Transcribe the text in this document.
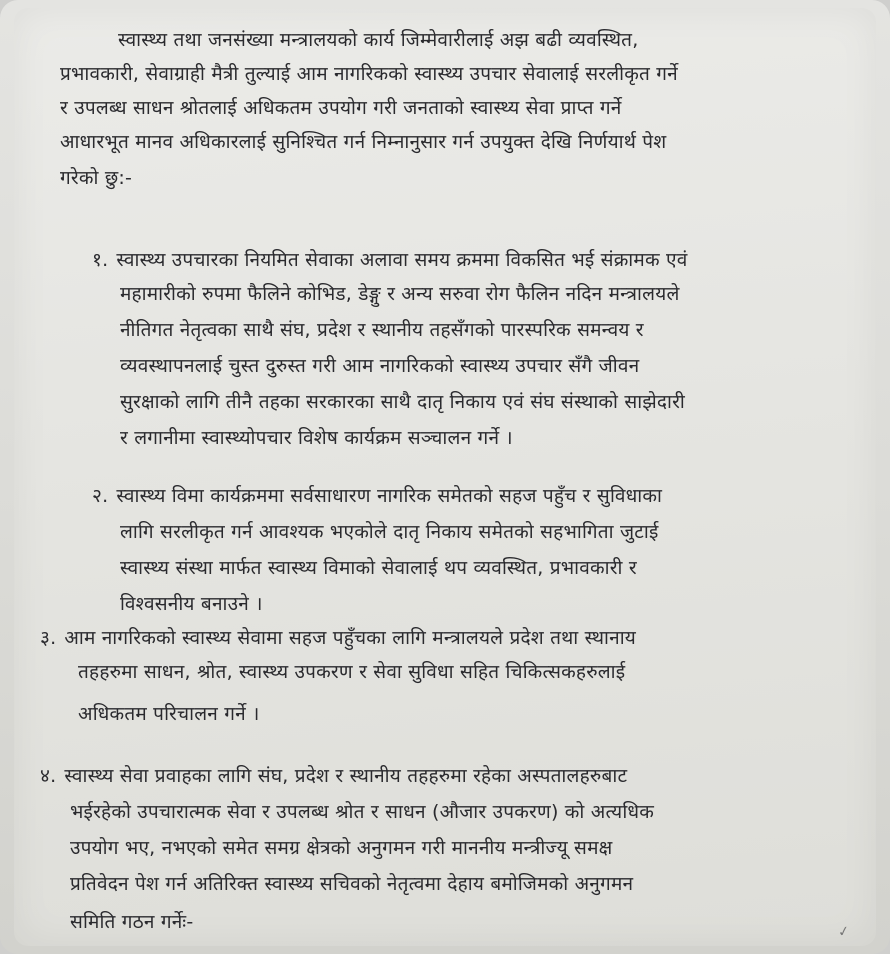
स्वास्थ्य तथा जनसंख्या मन्त्रालयको कार्य जिम्मेवारीलाई अझ बढी व्यवस्थित,
प्रभावकारी, सेवाग्राही मैत्री तुल्याई आम नागरिकको स्वास्थ्य उपचार सेवालाई सरलीकृत गर्ने
र उपलब्ध साधन श्रोतलाई अधिकतम उपयोग गरी जनताको स्वास्थ्य सेवा प्राप्त गर्ने
आधारभूत मानव अधिकारलाई सुनिश्चित गर्न निम्नानुसार गर्न उपयुक्त देखि निर्णयार्थ पेश
गरेको छु:-
१. स्वास्थ्य उपचारका नियमित सेवाका अलावा समय क्रममा विकसित भई संक्रामक एवं
महामारीको रुपमा फैलिने कोभिड, डेङ्गु र अन्य सरुवा रोग फैलिन नदिन मन्त्रालयले
नीतिगत नेतृत्वका साथै संघ, प्रदेश र स्थानीय तहसँगको पारस्परिक समन्वय र
व्यवस्थापनलाई चुस्त दुरुस्त गरी आम नागरिकको स्वास्थ्य उपचार सँगै जीवन
सुरक्षाको लागि तीनै तहका सरकारका साथै दातृ निकाय एवं संघ संस्थाको साझेदारी
र लगानीमा स्वास्थ्योपचार विशेष कार्यक्रम सञ्चालन गर्ने ।
२. स्वास्थ्य विमा कार्यक्रममा सर्वसाधारण नागरिक समेतको सहज पहुँच र सुविधाका
लागि सरलीकृत गर्न आवश्यक भएकोले दातृ निकाय समेतको सहभागिता जुटाई
स्वास्थ्य संस्था मार्फत स्वास्थ्य विमाको सेवालाई थप व्यवस्थित, प्रभावकारी र
विश्वसनीय बनाउने ।
३. आम नागरिकको स्वास्थ्य सेवामा सहज पहुँचका लागि मन्त्रालयले प्रदेश तथा स्थानाय
तहहरुमा साधन, श्रोत, स्वास्थ्य उपकरण र सेवा सुविधा सहित चिकित्सकहरुलाई
अधिकतम परिचालन गर्ने ।
४. स्वास्थ्य सेवा प्रवाहका लागि संघ, प्रदेश र स्थानीय तहहरुमा रहेका अस्पतालहरुबाट
भईरहेको उपचारात्मक सेवा र उपलब्ध श्रोत र साधन (औजार उपकरण) को अत्यधिक
उपयोग भए, नभएको समेत समग्र क्षेत्रको अनुगमन गरी माननीय मन्त्रीज्यू समक्ष
प्रतिवेदन पेश गर्न अतिरिक्त स्वास्थ्य सचिवको नेतृत्वमा देहाय बमोजिमको अनुगमन
समिति गठन गर्नेः-	✓
